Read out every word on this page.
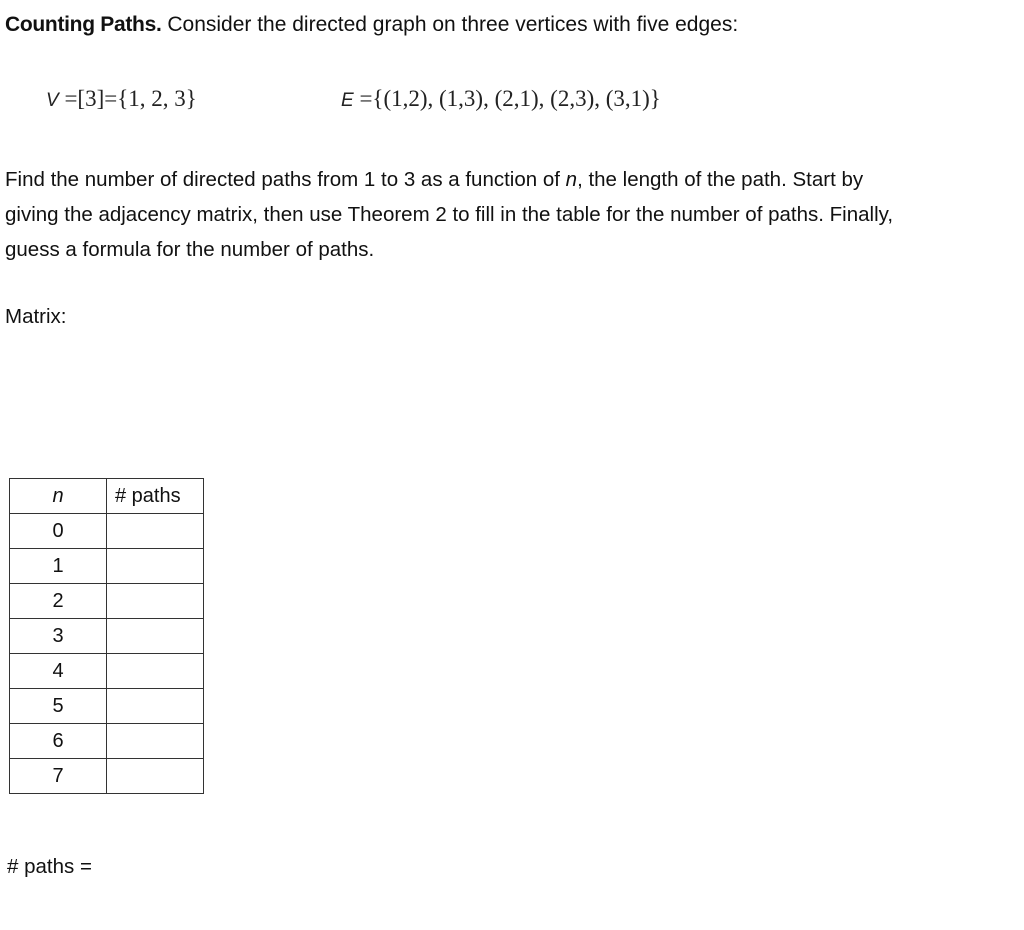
Counting Paths. Consider the directed graph on three vertices with five edges:
V =[3]={1, 2, 3}	E ={(1,2), (1,3), (2,1), (2,3), (3,1)}
Find the number of directed paths from 1 to 3 as a function of n, the length of the path. Start by
giving the adjacency matrix, then use Theorem 2 to fill in the table for the number of paths. Finally,
guess a formula for the number of paths.
Matrix:
n	# paths
0	
1	
2	
3	
4	
5	
6	
7	
# paths =
